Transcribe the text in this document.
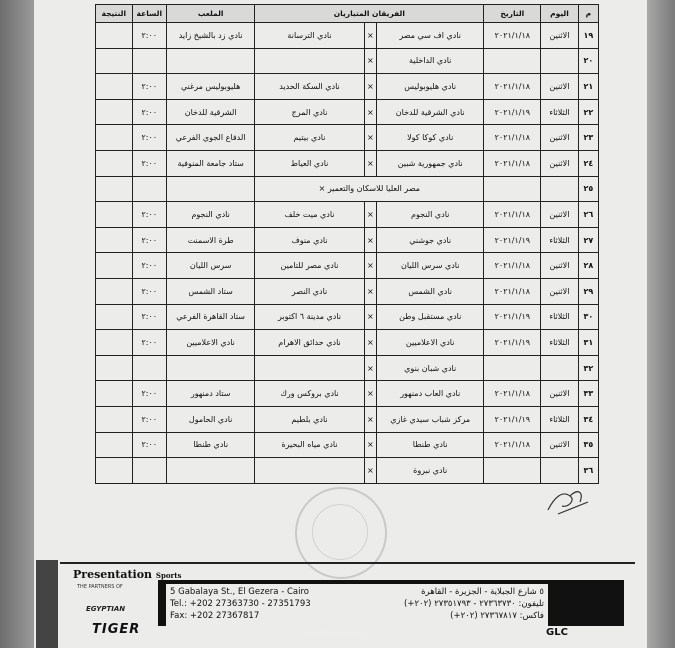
م	اليوم	التاريخ	الفريقان المتباريان			الملعب	الساعة	النتيجة
١٩	الاثنين	٢٠٢١/١/١٨	نادي اف سي مصر	×	نادي الترسانة	نادي زد بالشيخ زايد	٢:٠٠	
٢٠			نادي الداخلية	×				
٢١	الاثنين	٢٠٢١/١/١٨	نادي هليوبوليس	×	نادي السكة الحديد	هليوبوليس مرغني	٢:٠٠	
٢٢	الثلاثاء	٢٠٢١/١/١٩	نادي الشرقية للدخان	×	نادي المرج	الشرقية للدخان	٢:٠٠	
٢٣	الاثنين	٢٠٢١/١/١٨	نادي كوكا كولا	×	نادي بيتيم	الدفاع الجوي الفرعي	٢:٠٠	
٢٤	الاثنين	٢٠٢١/١/١٨	نادي جمهورية شبين	×	نادي العياط	ستاد جامعة المنوفية	٢:٠٠	
٢٥			مصر العليا للاسكان والتعمير ×					
٢٦	الاثنين	٢٠٢١/١/١٨	نادي النجوم	×	نادي ميت خلف	نادي النجوم	٢:٠٠	
٢٧	الثلاثاء	٢٠٢١/١/١٩	نادي جوشني	×	نادي منوف	طرة الاسمنت	٢:٠٠	
٢٨	الاثنين	٢٠٢١/١/١٨	نادي سرس الليان	×	نادي مصر للتامين	سرس الليان	٢:٠٠	
٢٩	الاثنين	٢٠٢١/١/١٨	نادي الشمس	×	نادي النصر	ستاد الشمس	٢:٠٠	
٣٠	الثلاثاء	٢٠٢١/١/١٩	نادي مستقبل وطن	×	نادي مدينة ٦ اكتوبر	ستاد القاهرة الفرعي	٢:٠٠	
٣١	الثلاثاء	٢٠٢١/١/١٩	نادي الاعلاميين	×	نادي حدائق الاهرام	نادي الاعلاميين	٢:٠٠	
٣٢			نادي شبان بنوي	×				
٣٣	الاثنين	٢٠٢١/١/١٨	نادي العاب دمنهور	×	نادي بروكس ورك	ستاد دمنهور	٢:٠٠	
٣٤	الثلاثاء	٢٠٢١/١/١٩	مركز شباب سيدي غازي	×	نادي بلطيم	نادي الحامول	٢:٠٠	
٣٥	الاثنين	٢٠٢١/١/١٨	نادي طنطا	×	نادي مياه البحيرة	نادي طنطا	٢:٠٠	
٣٦			نادي نبروة	×				
Presentation Sports
THE PARTNERS OF
EGYPTIAN
TIGER
5 Gabalaya St., El Gezera - Cairo
Tel.: +202 27363730 - 27351793
Fax: +202 27367817
٥ شارع الجبلاية - الجزيرة - القاهرة
تليفون: ٢٧٣٦٣٧٣٠ - ٢٧٣٥١٧٩٣ (٢٠٢+)
فاكس: ٢٧٣٦٧٨١٧ (٢٠٢+)
www.efa.com.eg
we
PUMA
GLC
